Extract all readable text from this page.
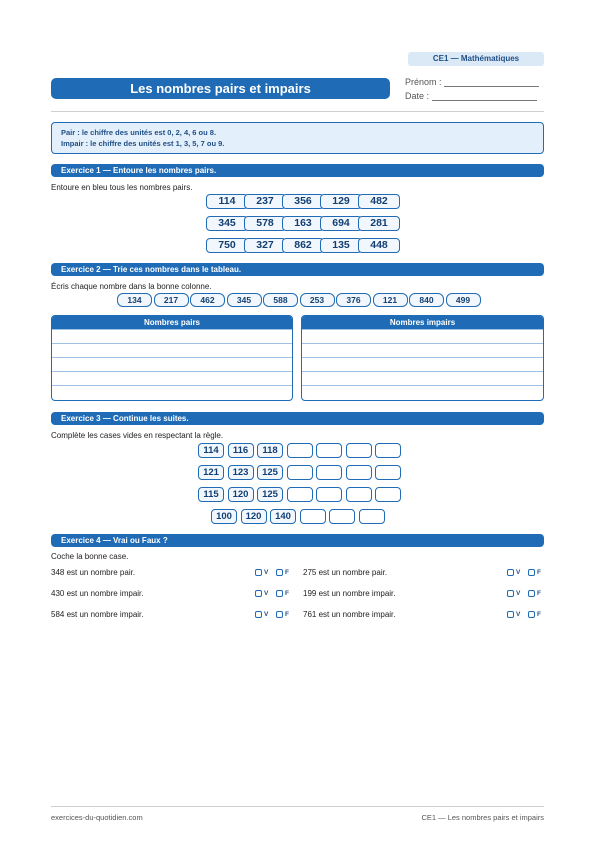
CE1 — Mathématiques
Les nombres pairs et impairs	Prénom :
Date :
Pair : le chiffre des unités est 0, 2, 4, 6 ou 8.
Impair : le chiffre des unités est 1, 3, 5, 7 ou 9.
Exercice 1 — Entoure les nombres pairs.
Entoure en bleu tous les nombres pairs.
114	237	356	129	482
345	578	163	694	281
750	327	862	135	448
Exercice 2 — Trie ces nombres dans le tableau.
Écris chaque nombre dans la bonne colonne.
134	217	462	345	588	253	376	121	840	499
Nombres pairs	Nombres impairs
Exercice 3 — Continue les suites.
Complète les cases vides en respectant la règle.
114	116	118
121	123	125
115	120	125
100	120	140
Exercice 4 — Vrai ou Faux ?
Coche la bonne case.
348 est un nombre pair.	V	F
430 est un nombre impair.	V	F
584 est un nombre impair.	V	F
275 est un nombre pair.	V	F
199 est un nombre impair.	V	F
761 est un nombre impair.	V	F
exercices-du-quotidien.com	CE1 — Les nombres pairs et impairs
